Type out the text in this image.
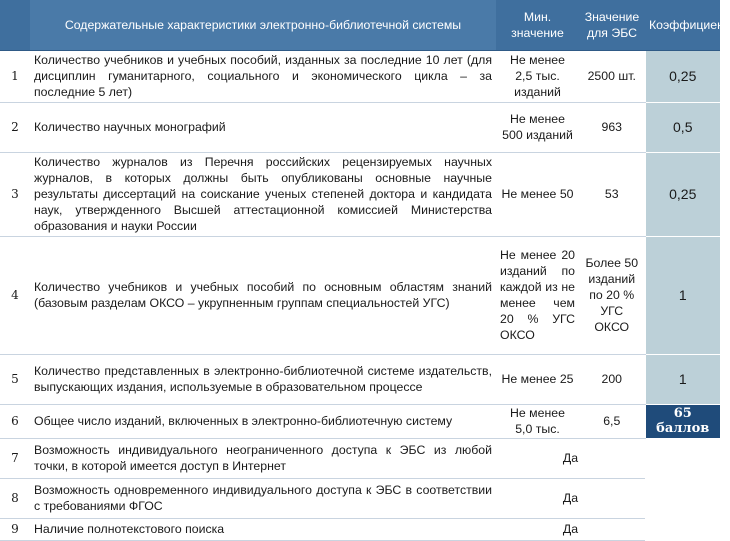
	Содержательные характеристики электронно-библиотечной системы	Мин. значение	Значение для ЭБС	Коэффициент
1	Количество учебников и учебных пособий, изданных за последние 10 лет (для дисциплин гуманитарного, социального и экономического цикла – за последние 5 лет)	Не менее 2,5 тыс. изданий	2500 шт.	0,25
2	Количество научных монографий	Не менее 500 изданий	963	0,5
3	Количество журналов из Перечня российских рецензируемых научных журналов, в которых должны быть опубликованы основные научные результаты диссертаций на соискание ученых степеней доктора и кандидата наук, утвержденного Высшей аттестационной комиссией Министерства образования и науки России	Не менее 50	53	0,25
4	Количество учебников и учебных пособий по основным областям знаний (базовым разделам ОКСО – укрупненным группам специальностей УГС)	Не менее 20 изданий по каждой из не менее чем 20 % УГС ОКСО	Более 50 изданий по 20 % УГС ОКСО	1
5	Количество представленных в электронно-библиотечной системе издательств, выпускающих издания, используемые в образовательном процессе	Не менее 25	200	1
6	Общее число изданий, включенных в электронно-библиотечную систему	Не менее 5,0 тыс.	6,5	65 баллов
7	Возможность индивидуального неограниченного доступа к ЭБС из любой точки, в которой имеется доступ в Интернет	Да		
8	Возможность одновременного индивидуального доступа к ЭБС в соответствии с требованиями ФГОС	Да		
9	Наличие полнотекстового поиска	Да		
